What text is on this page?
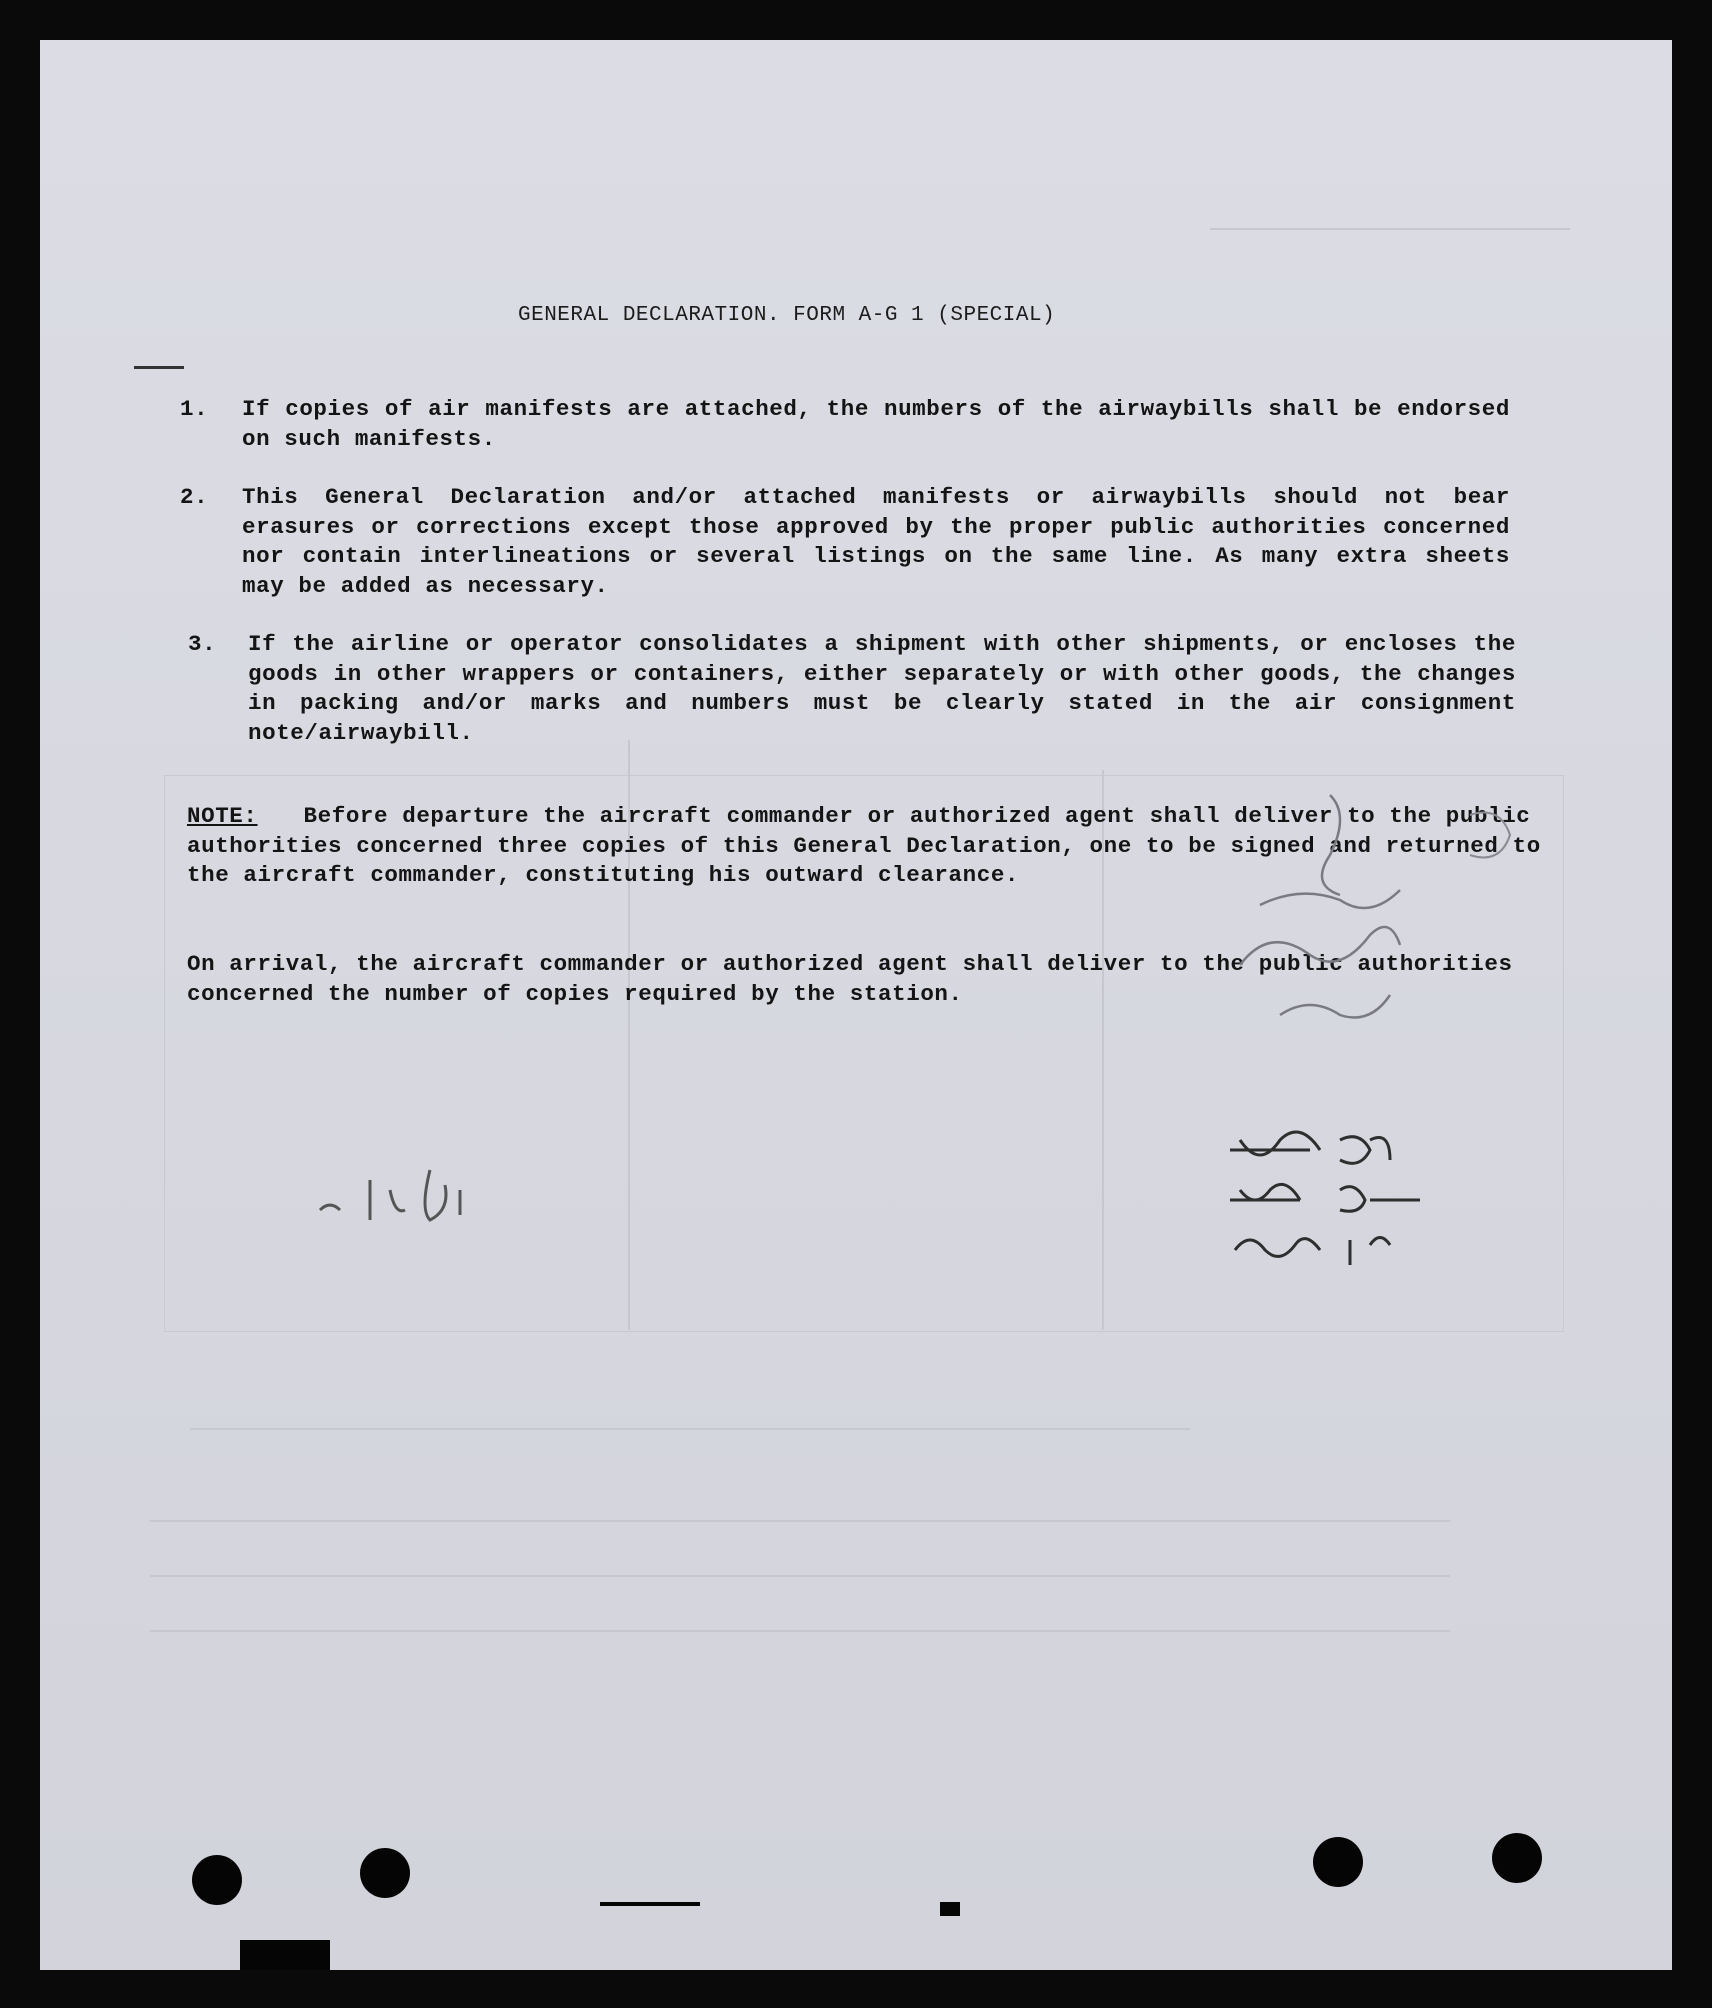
GENERAL DECLARATION. FORM A-G 1 (SPECIAL)
1.	If copies of air manifests are attached, the numbers of the airwaybills shall be endorsed on such manifests.
2.	This General Declaration and/or attached manifests or airwaybills should not bear erasures or corrections except those approved by the proper public authorities concerned nor contain interlineations or several listings on the same line. As many extra sheets may be added as necessary.
3.	If the airline or operator consolidates a shipment with other shipments, or encloses the goods in other wrappers or containers, either separately or with other goods, the changes in packing and/or marks and numbers must be clearly stated in the air consignment note/airwaybill.
NOTE: Before departure the aircraft commander or authorized agent shall deliver to the public authorities concerned three copies of this General Declaration, one to be signed and returned to the aircraft commander, constituting his outward clearance.
On arrival, the aircraft commander or authorized agent shall deliver to the public authorities concerned the number of copies required by the station.
